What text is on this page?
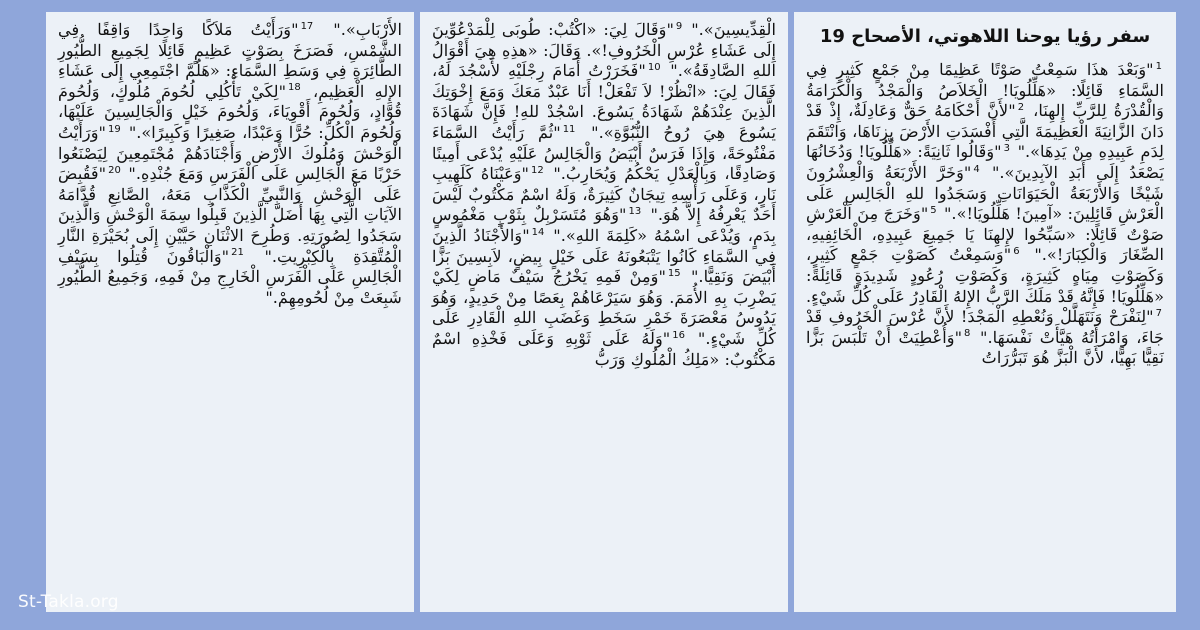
سفر رؤيا يوحنا اللاهوتي، الأصحاح 19
$^1$"وَبَعْدَ هذَا سَمِعْتُ صَوْتًا عَظِيمًا مِنْ جَمْعٍ كَثِيرٍ فِي السَّمَاءِ قَائِلًا: «هَلِّلُويَا! الْخَلاَصُ وَالْمَجْدُ وَالْكَرَامَةُ وَالْقُدْرَةُ لِلرَّبِّ إِلهِنَا، $^2$"لأَنَّ أَحْكَامَهُ حَقٌّ وَعَادِلَةٌ، إِذْ قَدْ دَانَ الزَّانِيَةَ الْعَظِيمَةَ الَّتِي أَفْسَدَتِ الأَرْضَ بِزِنَاهَا، وَانْتَقَمَ لِدَمِ عَبِيدِهِ مِنْ يَدِهَا»." $^3$"وَقَالُوا ثَانِيَةً: «هَلِّلُويَا! وَدُخَانُهَا يَصْعَدُ إِلَى أَبَدِ الآبِدِينَ»." $^4$"وَخَرَّ الأَرْبَعَةُ وَالْعِشْرُونَ شَيْخًا وَالأَرْبَعَةُ الْحَيَوَانَاتِ وَسَجَدُوا للهِ الْجَالِسِ عَلَى الْعَرْشِ قَائِلِينَ: «آمِينَ! هَلِّلُويَا!»." $^5$"وَخَرَجَ مِنَ الْعَرْشِ صَوْتٌ قَائِلًا: «سَبِّحُوا لإِلهِنَا يَا جَمِيعَ عَبِيدِهِ، الْخَائِفِيهِ، الصِّغَارَ وَالْكِبَارَ!»." $^6$"وَسَمِعْتُ كَصَوْتِ جَمْعٍ كَثِيرٍ، وَكَصَوْتِ مِيَاهٍ كَثِيرَةٍ، وَكَصَوْتِ رُعُودٍ شَدِيدَةٍ قَائِلَةً: «هَلِّلُويَا! فَإِنَّهُ قَدْ مَلَكَ الرَّبُّ الإِلهُ الْقَادِرُ عَلَى كُلِّ شَيْءٍ. $^7$"لِنَفْرَحْ وَنَتَهَلَّلْ وَنُعْطِهِ الْمَجْدَ! لأَنَّ عُرْسَ الْخَرُوفِ قَدْ جَاءَ، وَامْرَأَتُهُ هَيَّأَتْ نَفْسَهَا." $^8$"وَأُعْطِيَتْ أَنْ تَلْبَسَ بَزًّا نَقِيًّا بَهِيًّا، لأَنَّ الْبَزَّ هُوَ تَبَرُّرَاتُ
الْقِدِّيسِينَ»." $^9$"وَقَالَ لِيَ: «اكْتُبْ: طُوبَى لِلْمَدْعُوِّينَ إِلَى عَشَاءِ عُرْسِ الْخَرُوفِ!». وَقَالَ: «هذِهِ هِيَ أَقْوَالُ اللهِ الصَّادِقَةُ»." $^{10}$"فَخَرَرْتُ أَمَامَ رِجْلَيْهِ لأَسْجُدَ لَهُ، فَقَالَ لِيَ: «انْظُرْ! لاَ تَفْعَلْ! أَنَا عَبْدٌ مَعَكَ وَمَعَ إِخْوَتِكَ الَّذِينَ عِنْدَهُمْ شَهَادَةُ يَسُوعَ. اسْجُدْ للهِ! فَإِنَّ شَهَادَةَ يَسُوعَ هِيَ رُوحُ النُّبُوَّةِ»." $^{11}$"ثُمَّ رَأَيْتُ السَّمَاءَ مَفْتُوحَةً، وَإِذَا فَرَسٌ أَبْيَضُ وَالْجَالِسُ عَلَيْهِ يُدْعَى أَمِينًا وَصَادِقًا، وَبِالْعَدْلِ يَحْكُمُ وَيُحَارِبُ." $^{12}$"وَعَيْنَاهُ كَلَهِيبِ نَارٍ، وَعَلَى رَأْسِهِ تِيجَانٌ كَثِيرَةٌ، وَلَهُ اسْمٌ مَكْتُوبٌ لَيْسَ أَحَدٌ يَعْرِفُهُ إِلاَّ هُوَ." $^{13}$"وَهُوَ مُتَسَرْبِلٌ بِثَوْبٍ مَغْمُوسٍ بِدَمٍ، وَيُدْعَى اسْمُهُ «كَلِمَةَ اللهِ»." $^{14}$"وَالأَجْنَادُ الَّذِينَ فِي السَّمَاءِ كَانُوا يَتْبَعُونَهُ عَلَى خَيْلٍ بِيضٍ، لاَبِسِينَ بَزًّا أَبْيَضَ وَنَقِيًّا." $^{15}$"وَمِنْ فَمِهِ يَخْرُجُ سَيْفٌ مَاضٍ لِكَيْ يَضْرِبَ بِهِ الأُمَمَ. وَهُوَ سَيَرْعَاهُمْ بِعَصًا مِنْ حَدِيدٍ، وَهُوَ يَدُوسُ مَعْصَرَةَ خَمْرِ سَخَطِ وَغَضَبِ اللهِ الْقَادِرِ عَلَى كُلِّ شَيْءٍ." $^{16}$"وَلَهُ عَلَى ثَوْبِهِ وَعَلَى فَخْذِهِ اسْمٌ مَكْتُوبٌ: «مَلِكُ الْمُلُوكِ وَرَبُّ
الأَرْبَابِ»." $^{17}$"وَرَأَيْتُ مَلاَكًا وَاحِدًا وَاقِفًا فِي الشَّمْسِ، فَصَرَخَ بِصَوْتٍ عَظِيمٍ قَائِلًا لِجَمِيعِ الطُّيُورِ الطَّائِرَةِ فِي وَسَطِ السَّمَاءِ: «هَلُمَّ اجْتَمِعِي إِلَى عَشَاءِ الإِلهِ الْعَظِيمِ، $^{18}$"لِكَيْ تَأْكُلِي لُحُومَ مُلُوكٍ، وَلُحُومَ قُوَّادٍ، وَلُحُومَ أَقْوِيَاءَ، وَلُحُومَ خَيْلٍ وَالْجَالِسِينَ عَلَيْهَا، وَلُحُومَ الْكُلِّ: حُرًّا وَعَبْدًا، صَغِيرًا وَكَبِيرًا»." $^{19}$"وَرَأَيْتُ الْوَحْشَ وَمُلُوكَ الأَرْضِ وَأَجْنَادَهُمْ مُجْتَمِعِينَ لِيَصْنَعُوا حَرْبًا مَعَ الْجَالِسِ عَلَى الْفَرَسِ وَمَعَ جُنْدِهِ." $^{20}$"فَقُبِضَ عَلَى الْوَحْشِ وَالنَّبِيِّ الْكَذَّابِ مَعَهُ، الصَّانِعِ قُدَّامَهُ الآيَاتِ الَّتِي بِهَا أَضَلَّ الَّذِينَ قَبِلُوا سِمَةَ الْوَحْشِ وَالَّذِينَ سَجَدُوا لِصُورَتِهِ. وَطُرِحَ الاثْنَانِ حَيَّيْنِ إِلَى بُحَيْرَةِ النَّارِ الْمُتَّقِدَةِ بِالْكِبْرِيتِ." $^{21}$"وَالْبَاقُونَ قُتِلُوا بِسَيْفِ الْجَالِسِ عَلَى الْفَرَسِ الْخَارِجِ مِنْ فَمِهِ، وَجَمِيعُ الطُّيُورِ شَبِعَتْ مِنْ لُحُومِهِمْ."
St-Takla.org
